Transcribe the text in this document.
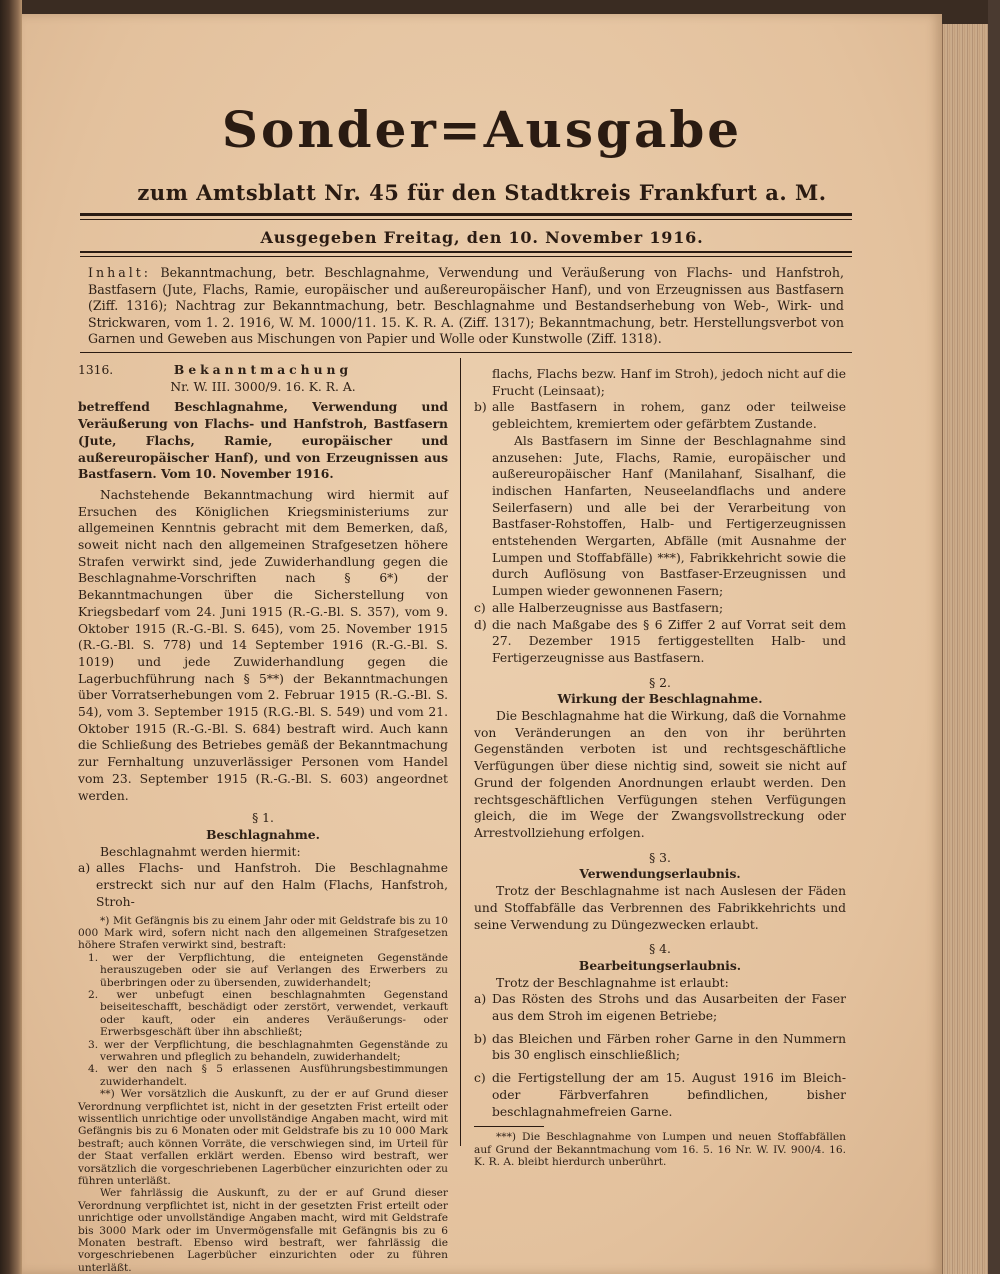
Sonder=Ausgabe
zum Amtsblatt Nr. 45 für den Stadtkreis Frankfurt a. M.
Ausgegeben Freitag, den 10. November 1916.
Inhalt: Bekanntmachung, betr. Beschlagnahme, Verwendung und Veräußerung von Flachs- und Hanfstroh, Bastfasern (Jute, Flachs, Ramie, europäischer und außereuropäischer Hanf), und von Erzeugnissen aus Bastfasern (Ziff. 1316); Nachtrag zur Bekanntmachung, betr. Beschlagnahme und Bestandserhebung von Web-, Wirk- und Strickwaren, vom 1. 2. 1916, W. M. 1000/11. 15. K. R. A. (Ziff. 1317); Bekanntmachung, betr. Herstellungsverbot von Garnen und Geweben aus Mischungen von Papier und Wolle oder Kunstwolle (Ziff. 1318).
1316.	Bekanntmachung

Nr. W. III. 3000/9. 16. K. R. A.

betreffend Beschlagnahme, Verwendung und Veräußerung von Flachs- und Hanfstroh, Bastfasern (Jute, Flachs, Ramie, europäischer und außereuropäischer Hanf), und von Erzeugnissen aus Bastfasern. Vom 10. November 1916.

Nachstehende Bekanntmachung wird hiermit auf Ersuchen des Königlichen Kriegsministeriums zur allgemeinen Kenntnis gebracht mit dem Bemerken, daß, soweit nicht nach den allgemeinen Strafgesetzen höhere Strafen verwirkt sind, jede Zuwiderhandlung gegen die Beschlagnahme-Vorschriften nach § 6*) der Bekanntmachungen über die Sicherstellung von Kriegsbedarf vom 24. Juni 1915 (R.-G.-Bl. S. 357), vom 9. Oktober 1915 (R.-G.-Bl. S. 645), vom 25. November 1915 (R.-G.-Bl. S. 778) und 14 September 1916 (R.-G.-Bl. S. 1019) und jede Zuwiderhandlung gegen die Lagerbuchführung nach § 5**) der Bekanntmachungen über Vorratserhebungen vom 2. Februar 1915 (R.-G.-Bl. S. 54), vom 3. September 1915 (R.G.-Bl. S. 549) und vom 21. Oktober 1915 (R.-G.-Bl. S. 684) bestraft wird. Auch kann die Schließung des Betriebes gemäß der Bekanntmachung zur Fernhaltung unzuverlässiger Personen vom Handel vom 23. September 1915 (R.-G.-Bl. S. 603) angeordnet werden.

§ 1.

Beschlagnahme.

Beschlagnahmt werden hiermit:

a) alles Flachs- und Hanfstroh. Die Beschlagnahme erstreckt sich nur auf den Halm (Flachs, Hanfstroh, Stroh-

*) Mit Gefängnis bis zu einem Jahr oder mit Geldstrafe bis zu 10 000 Mark wird, sofern nicht nach den allgemeinen Strafgesetzen höhere Strafen verwirkt sind, bestraft:

1. wer der Verpflichtung, die enteigneten Gegenstände herauszugeben oder sie auf Verlangen des Erwerbers zu überbringen oder zu übersenden, zuwiderhandelt;

2. wer unbefugt einen beschlagnahmten Gegenstand beiseiteschafft, beschädigt oder zerstört, verwendet, verkauft oder kauft, oder ein anderes Veräußerungs- oder Erwerbsgeschäft über ihn abschließt;

3. wer der Verpflichtung, die beschlagnahmten Gegenstände zu verwahren und pfleglich zu behandeln, zuwiderhandelt;

4. wer den nach § 5 erlassenen Ausführungsbestimmungen zuwiderhandelt.

**) Wer vorsätzlich die Auskunft, zu der er auf Grund dieser Verordnung verpflichtet ist, nicht in der gesetzten Frist erteilt oder wissentlich unrichtige oder unvollständige Angaben macht, wird mit Gefängnis bis zu 6 Monaten oder mit Geldstrafe bis zu 10 000 Mark bestraft; auch können Vorräte, die verschwiegen sind, im Urteil für der Staat verfallen erklärt werden. Ebenso wird bestraft, wer vorsätzlich die vorgeschriebenen Lagerbücher einzurichten oder zu führen unterläßt.

Wer fahrlässig die Auskunft, zu der er auf Grund dieser Verordnung verpflichtet ist, nicht in der gesetzten Frist erteilt oder unrichtige oder unvollständige Angaben macht, wird mit Geldstrafe bis 3000 Mark oder im Unvermögensfalle mit Gefängnis bis zu 6 Monaten bestraft. Ebenso wird bestraft, wer fahrlässig die vorgeschriebenen Lagerbücher einzurichten oder zu führen unterläßt.

flachs, Flachs bezw. Hanf im Stroh), jedoch nicht auf die Frucht (Leinsaat);

b) alle Bastfasern in rohem, ganz oder teilweise gebleichtem, kremiertem oder gefärbtem Zustande.

Als Bastfasern im Sinne der Beschlagnahme sind anzusehen: Jute, Flachs, Ramie, europäischer und außereuropäischer Hanf (Manilahanf, Sisalhanf, die indischen Hanfarten, Neuseelandflachs und andere Seilerfasern) und alle bei der Verarbeitung von Bastfaser-Rohstoffen, Halb- und Fertigerzeugnissen entstehenden Wergarten, Abfälle (mit Ausnahme der Lumpen und Stoffabfälle) ***), Fabrikkehricht sowie die durch Auflösung von Bastfaser-Erzeugnissen und Lumpen wieder gewonnenen Fasern;

c) alle Halberzeugnisse aus Bastfasern;
d) die nach Maßgabe des § 6 Ziffer 2 auf Vorrat seit dem 27. Dezember 1915 fertiggestellten Halb- und Fertigerzeugnisse aus Bastfasern.

§ 2.

Wirkung der Beschlagnahme.

Die Beschlagnahme hat die Wirkung, daß die Vornahme von Veränderungen an den von ihr berührten Gegenständen verboten ist und rechtsgeschäftliche Verfügungen über diese nichtig sind, soweit sie nicht auf Grund der folgenden Anordnungen erlaubt werden. Den rechtsgeschäftlichen Verfügungen stehen Verfügungen gleich, die im Wege der Zwangsvollstreckung oder Arrestvollziehung erfolgen.

§ 3.

Verwendungserlaubnis.

Trotz der Beschlagnahme ist nach Auslesen der Fäden und Stoffabfälle das Verbrennen des Fabrikkehrichts und seine Verwendung zu Düngezwecken erlaubt.

§ 4.

Bearbeitungserlaubnis.

Trotz der Beschlagnahme ist erlaubt:

a) Das Rösten des Strohs und das Ausarbeiten der Faser aus dem Stroh im eigenen Betriebe;
b) das Bleichen und Färben roher Garne in den Nummern bis 30 englisch einschließlich;
c) die Fertigstellung der am 15. August 1916 im Bleich- oder Färbverfahren befindlichen, bisher beschlagnahmefreien Garne.

***) Die Beschlagnahme von Lumpen und neuen Stoffabfällen auf Grund der Bekanntmachung vom 16. 5. 16 Nr. W. IV. 900/4. 16. K. R. A. bleibt hierdurch unberührt.
